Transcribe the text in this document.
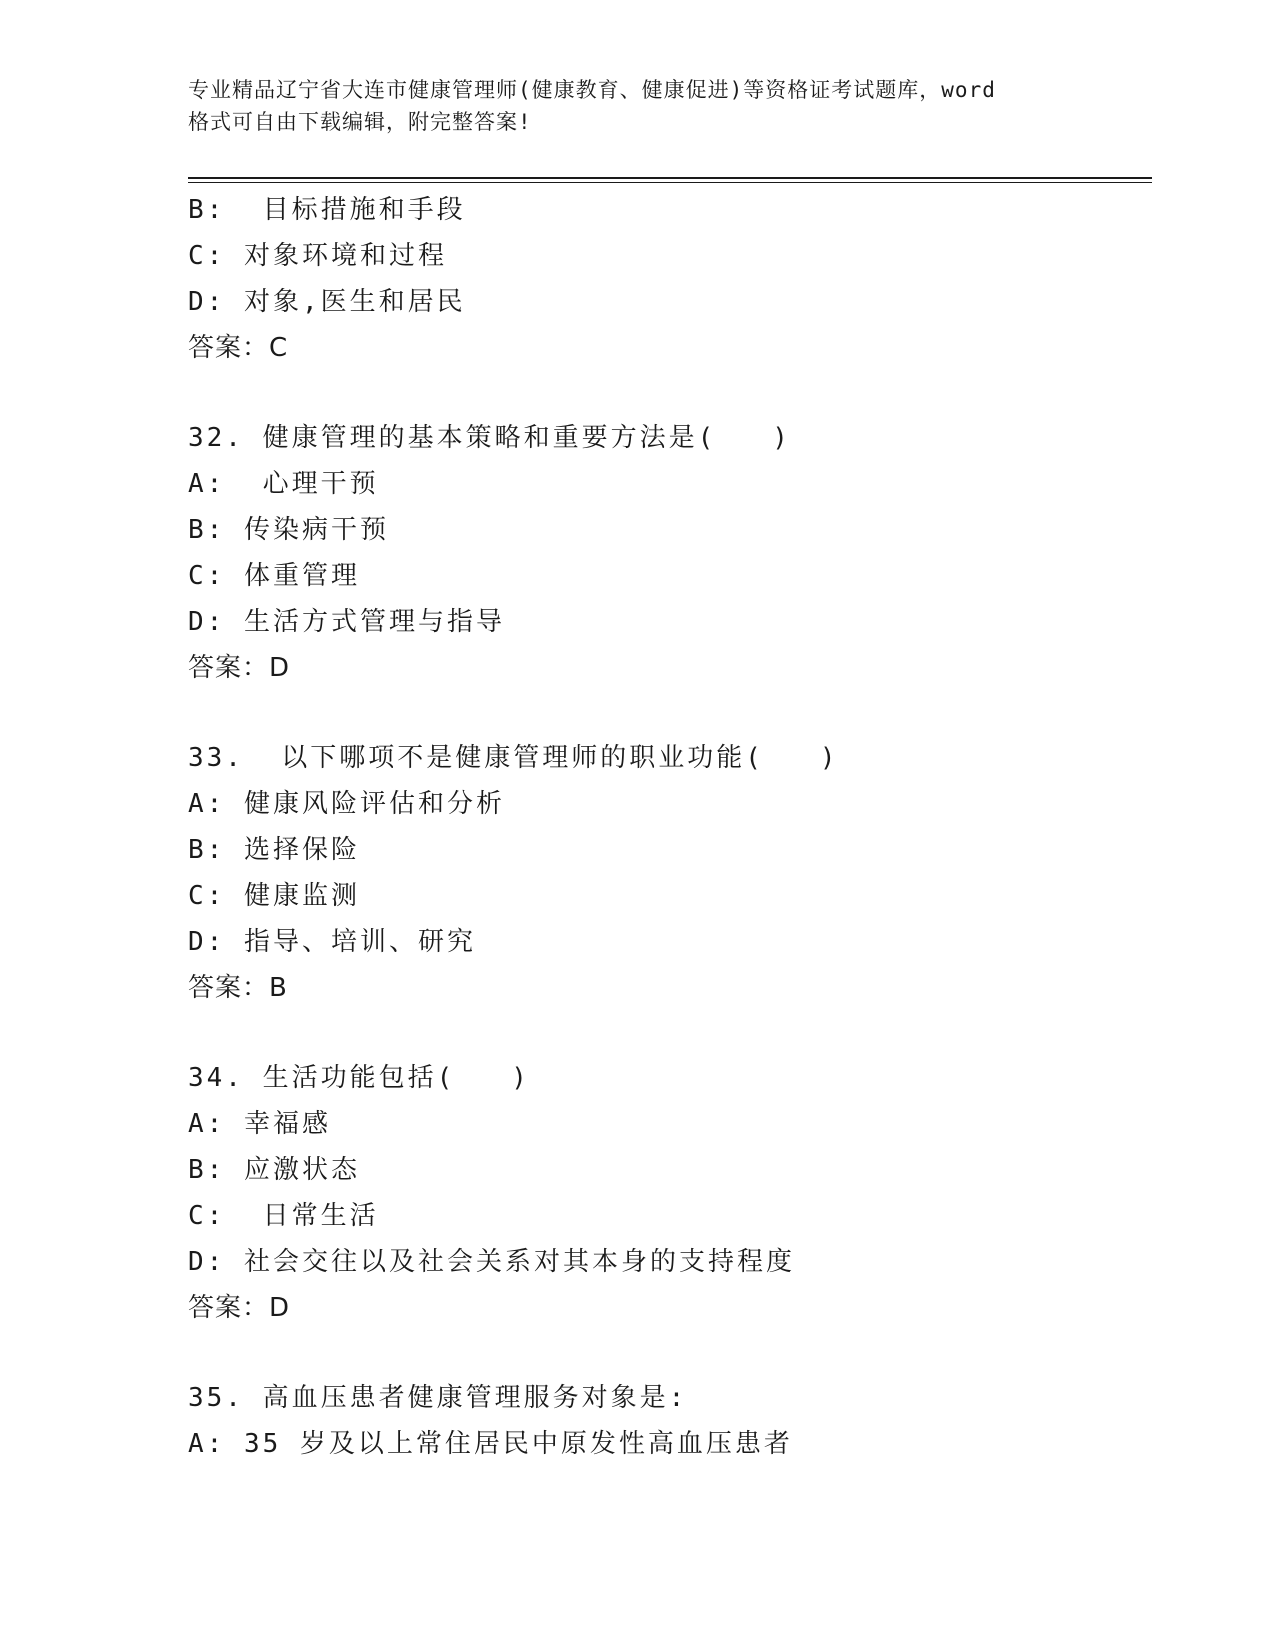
专业精品辽宁省大连市健康管理师(健康教育、健康促进)等资格证考试题库，word
格式可自由下载编辑，附完整答案!
B:  目标措施和手段
C: 对象环境和过程
D: 对象,医生和居民
答案：C
32. 健康管理的基本策略和重要方法是(   )
A:  心理干预
B: 传染病干预
C: 体重管理
D: 生活方式管理与指导
答案：D
33.  以下哪项不是健康管理师的职业功能(   )
A: 健康风险评估和分析
B: 选择保险
C: 健康监测
D: 指导、培训、研究
答案：B
34. 生活功能包括(   )
A: 幸福感
B: 应激状态
C:  日常生活
D: 社会交往以及社会关系对其本身的支持程度
答案：D
35. 高血压患者健康管理服务对象是:
A: 35 岁及以上常住居民中原发性高血压患者
